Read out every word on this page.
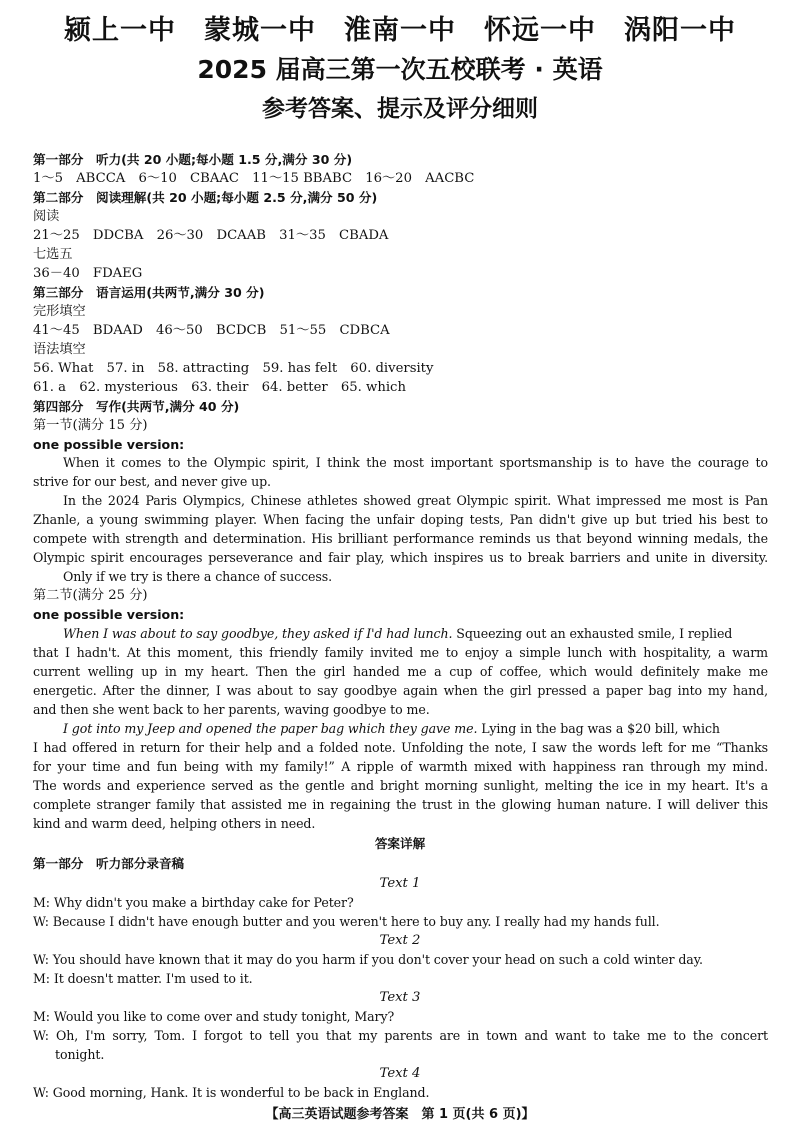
颍上一中　蒙城一中　淮南一中　怀远一中　涡阳一中
2025 届高三第一次五校联考 · 英语
参考答案、提示及评分细则
第一部分　听力(共 20 小题;每小题 1.5 分,满分 30 分)
1～5　ABCCA　6～10　CBAAC　11～15 BBABC　16～20　AACBC
第二部分　阅读理解(共 20 小题;每小题 2.5 分,满分 50 分)
阅读
21～25　DDCBA　26～30　DCAAB　31～35　CBADA
七选五
36－40　FDAEG
第三部分　语言运用(共两节,满分 30 分)
完形填空
41～45　BDAAD　46～50　BCDCB　51～55　CDBCA
语法填空
56. What　57. in　58. attracting　59. has felt　60. diversity
61. a　62. mysterious　63. their　64. better　65. which
第四部分　写作(共两节,满分 40 分)
第一节(满分 15 分)
one possible version:
When it comes to the Olympic spirit, I think the most important sportsmanship is to have the courage to
strive for our best, and never give up.
In the 2024 Paris Olympics, Chinese athletes showed great Olympic spirit. What impressed me most is Pan
Zhanle, a young swimming player. When facing the unfair doping tests, Pan didn't give up but tried his best to
compete with strength and determination. His brilliant performance reminds us that beyond winning medals, the
Olympic spirit encourages perseverance and fair play, which inspires us to break barriers and unite in diversity.
Only if we try is there a chance of success.
第二节(满分 25 分)
one possible version:
When I was about to say goodbye, they asked if I'd had lunch. Squeezing out an exhausted smile, I replied
that I hadn't. At this moment, this friendly family invited me to enjoy a simple lunch with hospitality, a warm
current welling up in my heart. Then the girl handed me a cup of coffee, which would definitely make me
energetic. After the dinner, I was about to say goodbye again when the girl pressed a paper bag into my hand,
and then she went back to her parents, waving goodbye to me.
I got into my Jeep and opened the paper bag which they gave me. Lying in the bag was a $20 bill, which
I had offered in return for their help and a folded note. Unfolding the note, I saw the words left for me “Thanks
for your time and fun being with my family!” A ripple of warmth mixed with happiness ran through my mind.
The words and experience served as the gentle and bright morning sunlight, melting the ice in my heart. It's a
complete stranger family that assisted me in regaining the trust in the glowing human nature. I will deliver this
kind and warm deed, helping others in need.
答案详解
第一部分　听力部分录音稿
Text 1
M: Why didn't you make a birthday cake for Peter?
W: Because I didn't have enough butter and you weren't here to buy any. I really had my hands full.
Text 2
W: You should have known that it may do you harm if you don't cover your head on such a cold winter day.
M: It doesn't matter. I'm used to it.
Text 3
M: Would you like to come over and study tonight, Mary?
W: Oh, I'm sorry, Tom. I forgot to tell you that my parents are in town and want to take me to the concert
tonight.
Text 4
W: Good morning, Hank. It is wonderful to be back in England.
【高三英语试题参考答案　第 1 页(共 6 页)】
